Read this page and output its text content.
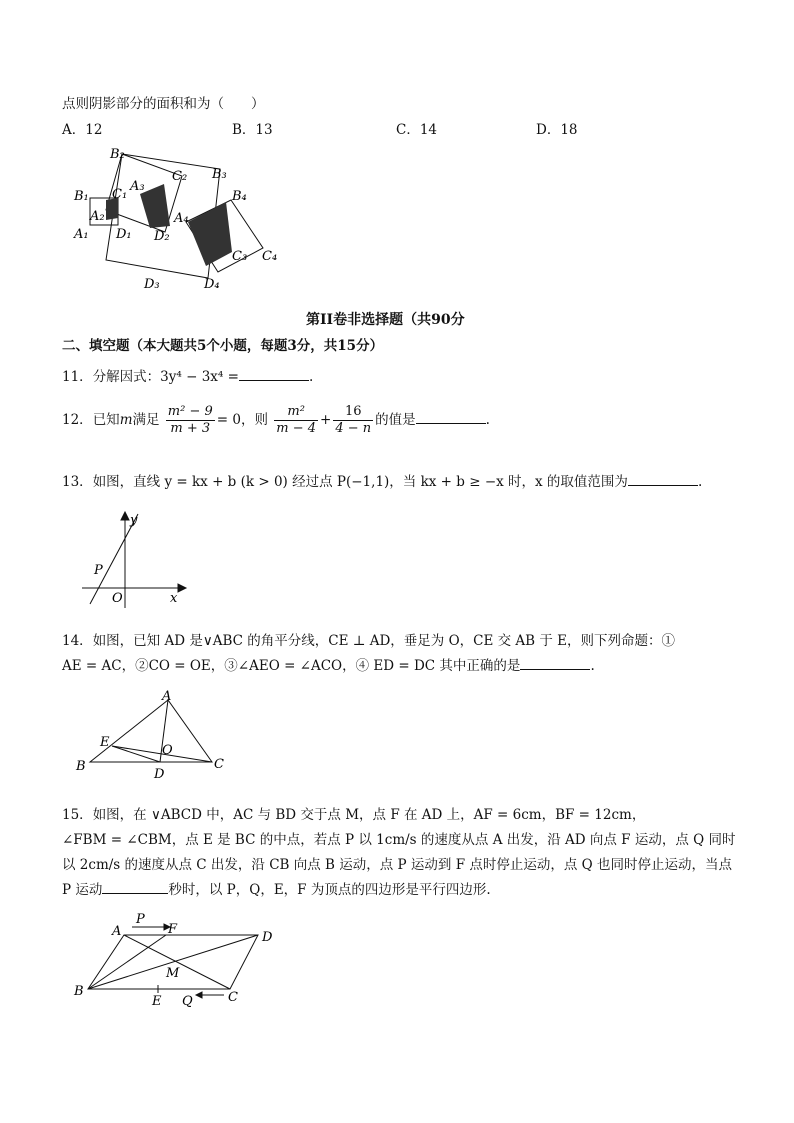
点则阴影部分的面积和为（　　）
A．12	B．13	C．14	D．18
A₁
B₁ C₁
D₁
A₂
B₂
C₂
D₂
A₃
B₃
C₃
D₃
A₄
B₄
C₄
D₄
第II卷非选择题（共90分
二、填空题（本大题共5个小题，每题3分，共15分）
11．分解因式：3y⁴ − 3x⁴ =	.
12．已知m满足 $\frac{\text{m² − 9}}{m + 3} = 0$，则 $\frac{\text{m²}}{m - 4} + \frac{16}{4 - n}$ 的值是	.
13．如图，直线 y = kx + b (k > 0) 经过点 P(−1,1)，当 kx + b ≥ −x 时，x 的取值范围为	.
y
x
O
P
14．如图，已知 AD 是∨ABC 的角平分线，CE ⊥ AD，垂足为 O，CE 交 AB 于 E，则下列命题：①
AE = AC，②CO = OE，③∠AEO = ∠ACO，④ ED = DC 其中正确的是	.
A
B	C
D
E
O
15．如图，在 ∨ABCD 中，AC 与 BD 交于点 M，点 F 在 AD 上，AF = 6cm，BF = 12cm，
∠FBM = ∠CBM，点 E 是 BC 的中点，若点 P 以 1cm/s 的速度从点 A 出发，沿 AD 向点 F 运动，点 Q 同时
以 2cm/s 的速度从点 C 出发，沿 CB 向点 B 运动，点 P 运动到 F 点时停止运动，点 Q 也同时停止运动，当点
P 运动	秒时，以 P，Q，E，F 为顶点的四边形是平行四边形.
A
B	C
D
E
F
M
P
Q
